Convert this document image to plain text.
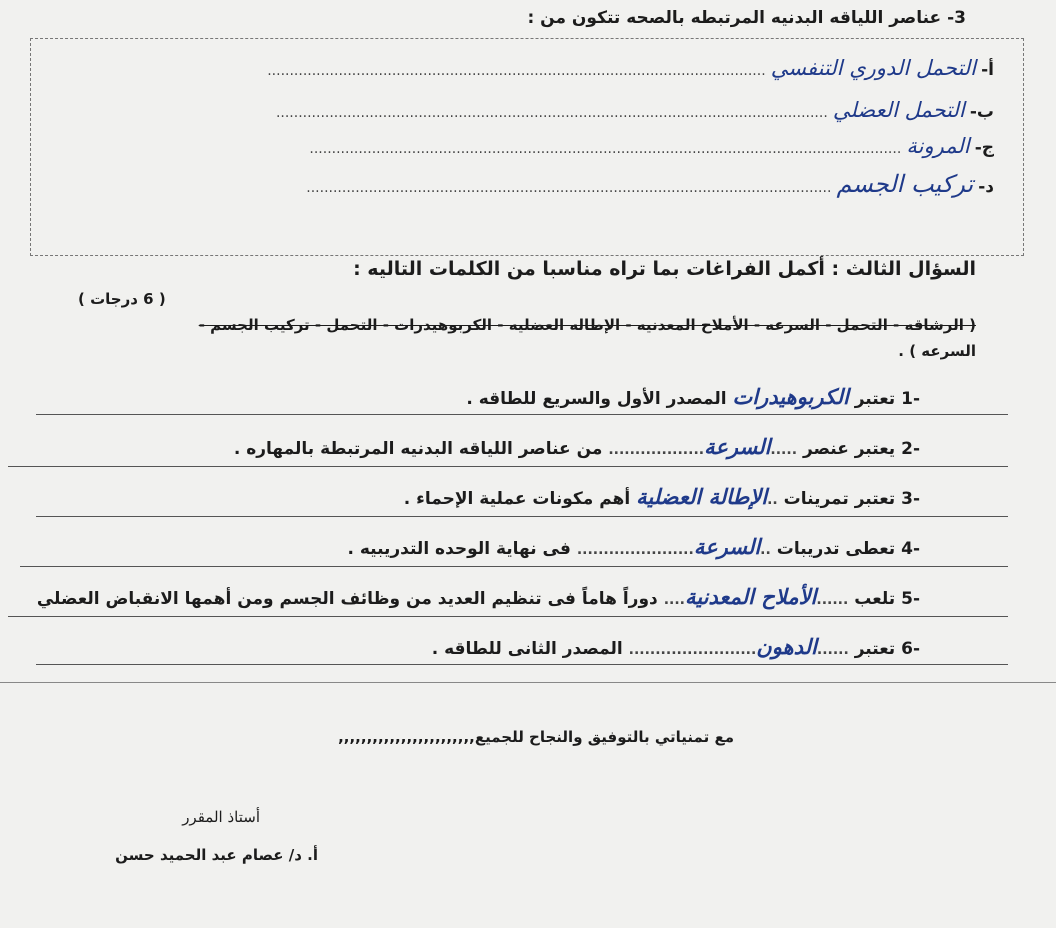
3- عناصر اللياقه البدنيه المرتبطه بالصحه تتكون من :
أ- التحمل الدوري التنفسي ................................................................................................................
ب- التحمل العضلي ............................................................................................................................
ج- المرونة .....................................................................................................................................
د- تركيب الجسم ......................................................................................................................
السؤال الثالث : أكمل الفراغات بما تراه مناسبا من الكلمات التاليه :
( 6 درجات )
( الرشاقه - التحمل - السرعه - الأملاح المعدنيه - الإطاله العضليه - الكربوهيدرات - التحمل - تركيب الجسم -
السرعه ) .
-1 تعتبر الكربوهيدرات المصدر الأول والسريع للطاقه .
-2 يعتبر عنصر .....السرعة.................. من عناصر اللياقه البدنيه المرتبطة بالمهاره .
-3 تعتبر تمرينات ..الإطالة العضلية أهم مكونات عملية الإحماء .
-4 تعطى تدريبات ..السرعة...................... فى نهاية الوحده التدريبيه .
-5 تلعب ......الأملاح المعدنية.... دوراً هاماً فى تنظيم العديد من وظائف الجسم ومن أهمها الانقباض العضلي
-6 تعتبر ......الدهون........................ المصدر الثانى للطاقه .
مع تمنياتي بالتوفيق والنجاح للجميع,,,,,,,,,,,,,,,,,,,,,,,,
أستاذ المقرر
أ. د/ عصام عبد الحميد حسن
